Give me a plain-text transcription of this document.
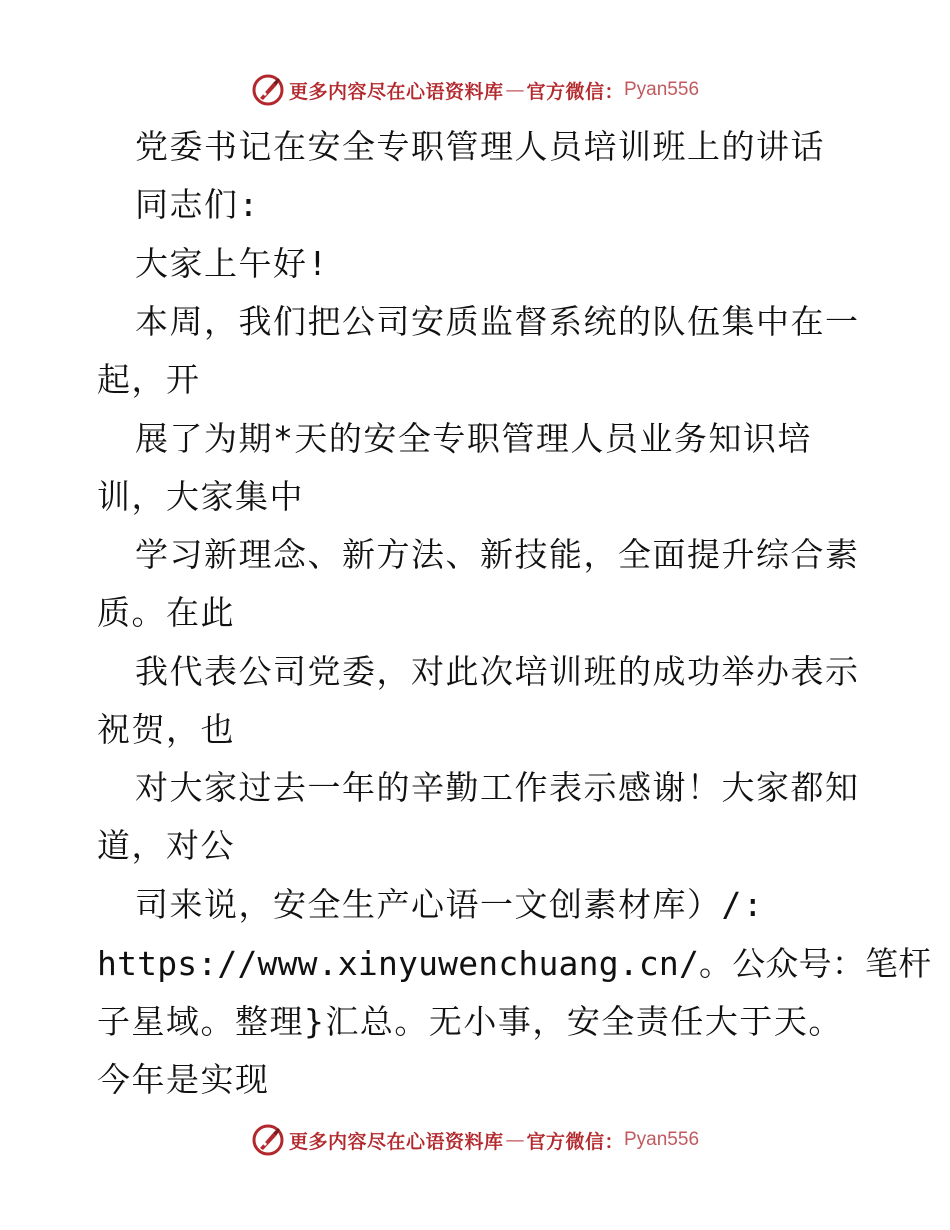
更多内容尽在心语资料库 — 官方微信： Pyan556
党委书记在安全专职管理人员培训班上的讲话
同志们:
大家上午好!
本周，我们把公司安质监督系统的队伍集中在一
起，开
展了为期*天的安全专职管理人员业务知识培
训，大家集中
学习新理念、新方法、新技能，全面提升综合素
质。在此
我代表公司党委，对此次培训班的成功举办表示
祝贺，也
对大家过去一年的辛勤工作表示感谢！大家都知
道，对公
司来说，安全生产心语一文创素材库）/:
https://www.xinyuwenchuang.cn/。公众号：笔杆
子星域。整理}汇总。无小事，安全责任大于天。
今年是实现
更多内容尽在心语资料库 — 官方微信： Pyan556
